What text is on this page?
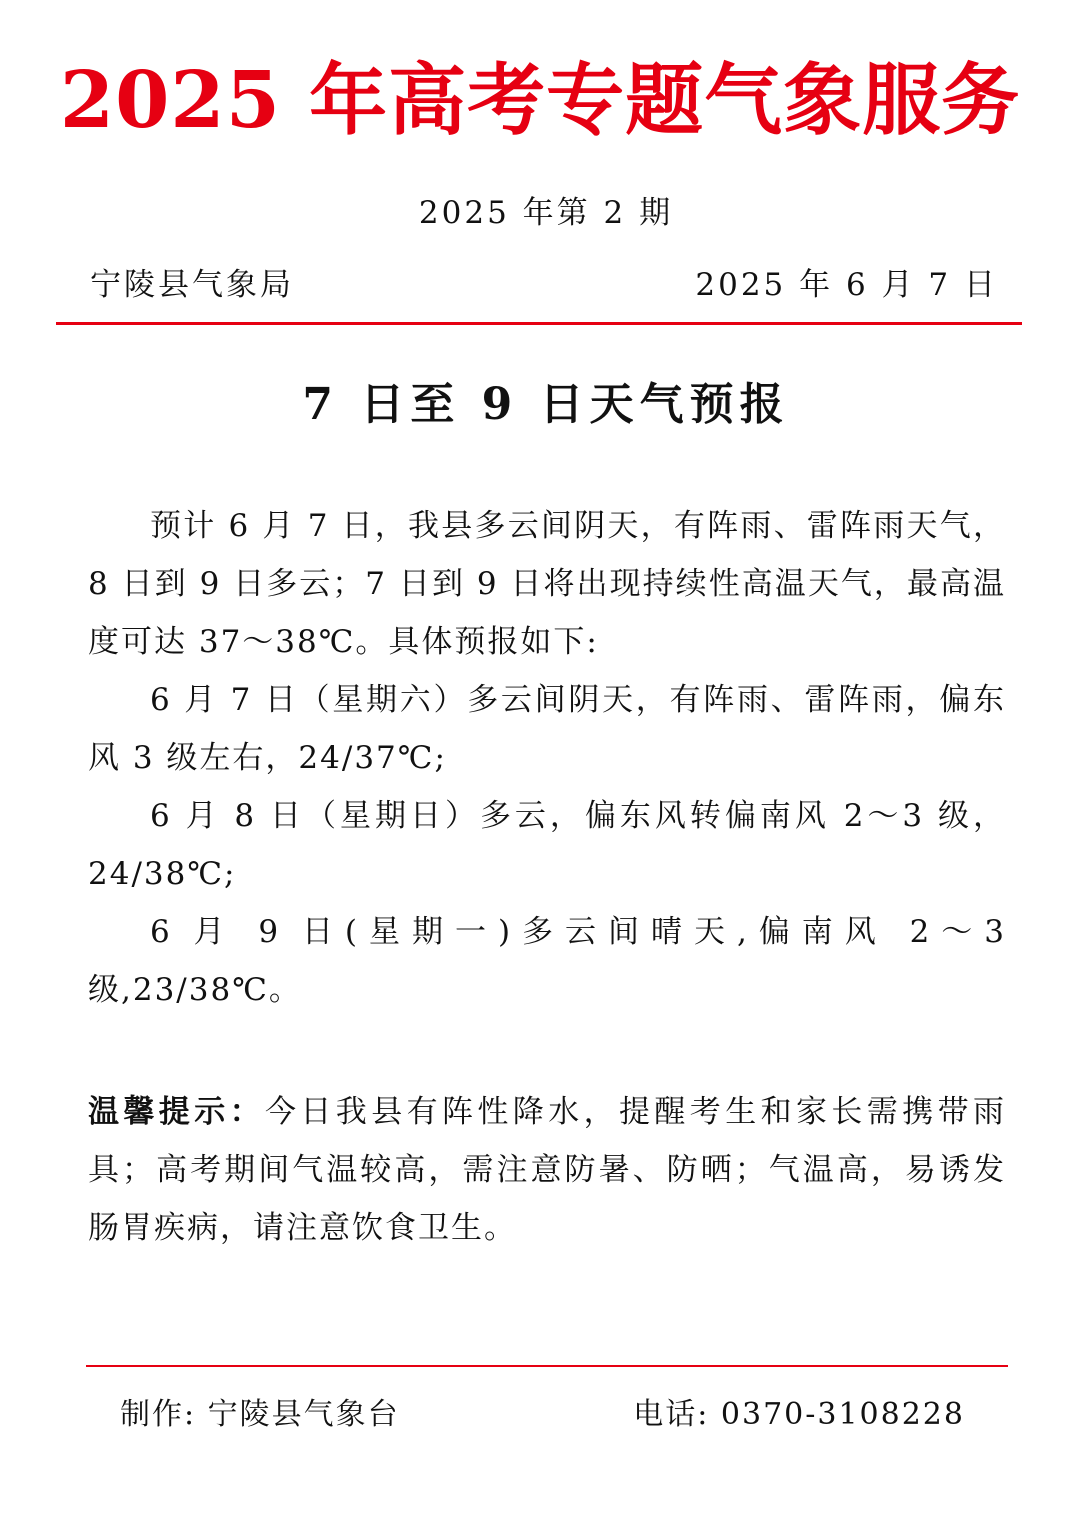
2025 年高考专题气象服务
2025 年第 2 期
宁陵县气象局	2025 年 6 月 7 日
7 日至 9 日天气预报

预计 6 月 7 日，我县多云间阴天，有阵雨、雷阵雨天气，8 日到 9 日多云；7 日到 9 日将出现持续性高温天气，最高温度可达 37～38℃。具体预报如下:

6 月 7 日（星期六）多云间阴天，有阵雨、雷阵雨，偏东风 3 级左右，24/37℃;

6 月 8 日（星期日）多云，偏东风转偏南风 2～3 级，24/38℃;

6 月 9 日(星期一)多云间晴天,偏南风 2～3 级,23/38℃。

温馨提示：今日我县有阵性降水，提醒考生和家长需携带雨具；高考期间气温较高，需注意防暑、防晒；气温高，易诱发肠胃疾病，请注意饮食卫生。
制作: 宁陵县气象台	电话: 0370-3108228
